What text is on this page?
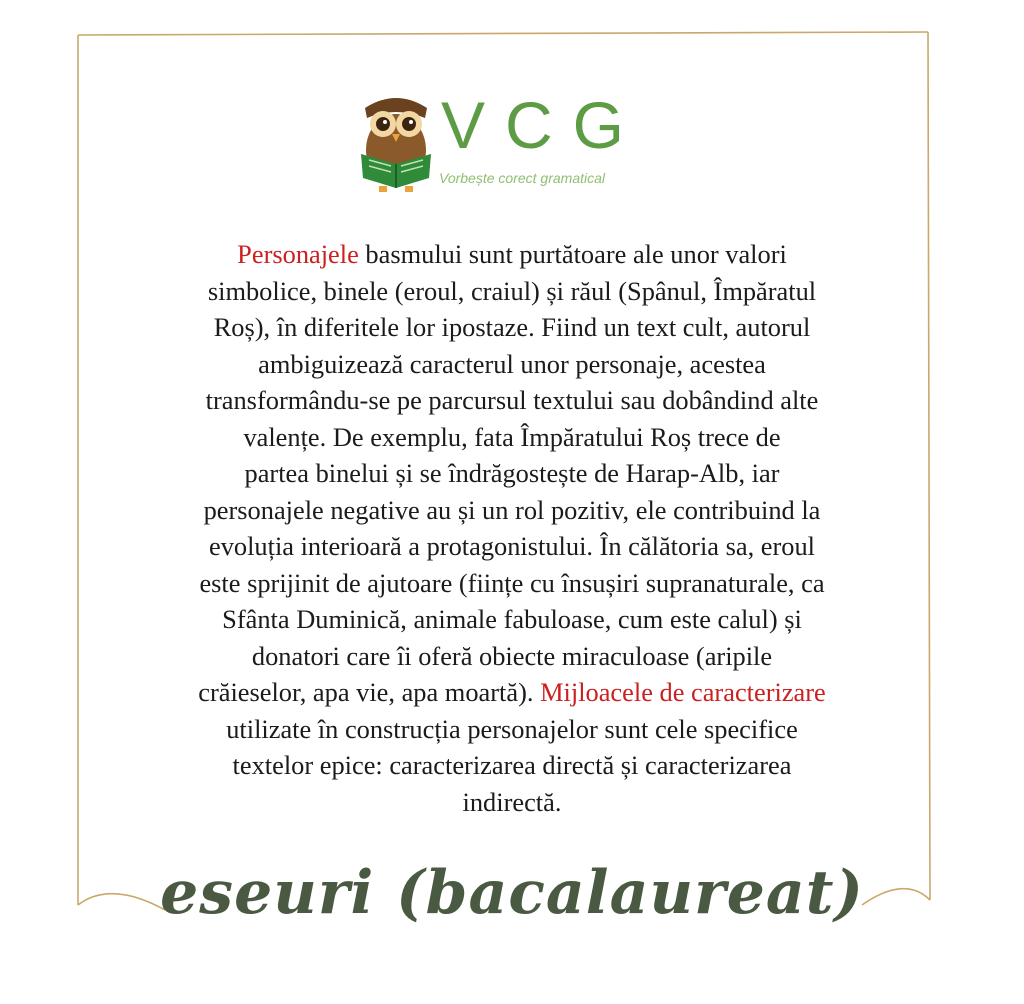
VCG
Vorbește corect gramatical
Personajele basmului sunt purtătoare ale unor valori
simbolice, binele (eroul, craiul) și răul (Spânul, Împăratul
Roș), în diferitele lor ipostaze. Fiind un text cult, autorul
ambiguizează caracterul unor personaje, acestea
transformându-se pe parcursul textului sau dobândind alte
valențe. De exemplu, fata Împăratului Roș trece de
partea binelui și se îndrăgostește de Harap-Alb, iar
personajele negative au și un rol pozitiv, ele contribuind la
evoluția interioară a protagonistului. În călătoria sa, eroul
este sprijinit de ajutoare (ființe cu însușiri supranaturale, ca
Sfânta Duminică, animale fabuloase, cum este calul) și
donatori care îi oferă obiecte miraculoase (aripile
crăieselor, apa vie, apa moartă). Mijloacele de caracterizare
utilizate în construcția personajelor sunt cele specifice
textelor epice: caracterizarea directă și caracterizarea
indirectă.
eseuri (bacalaureat)
